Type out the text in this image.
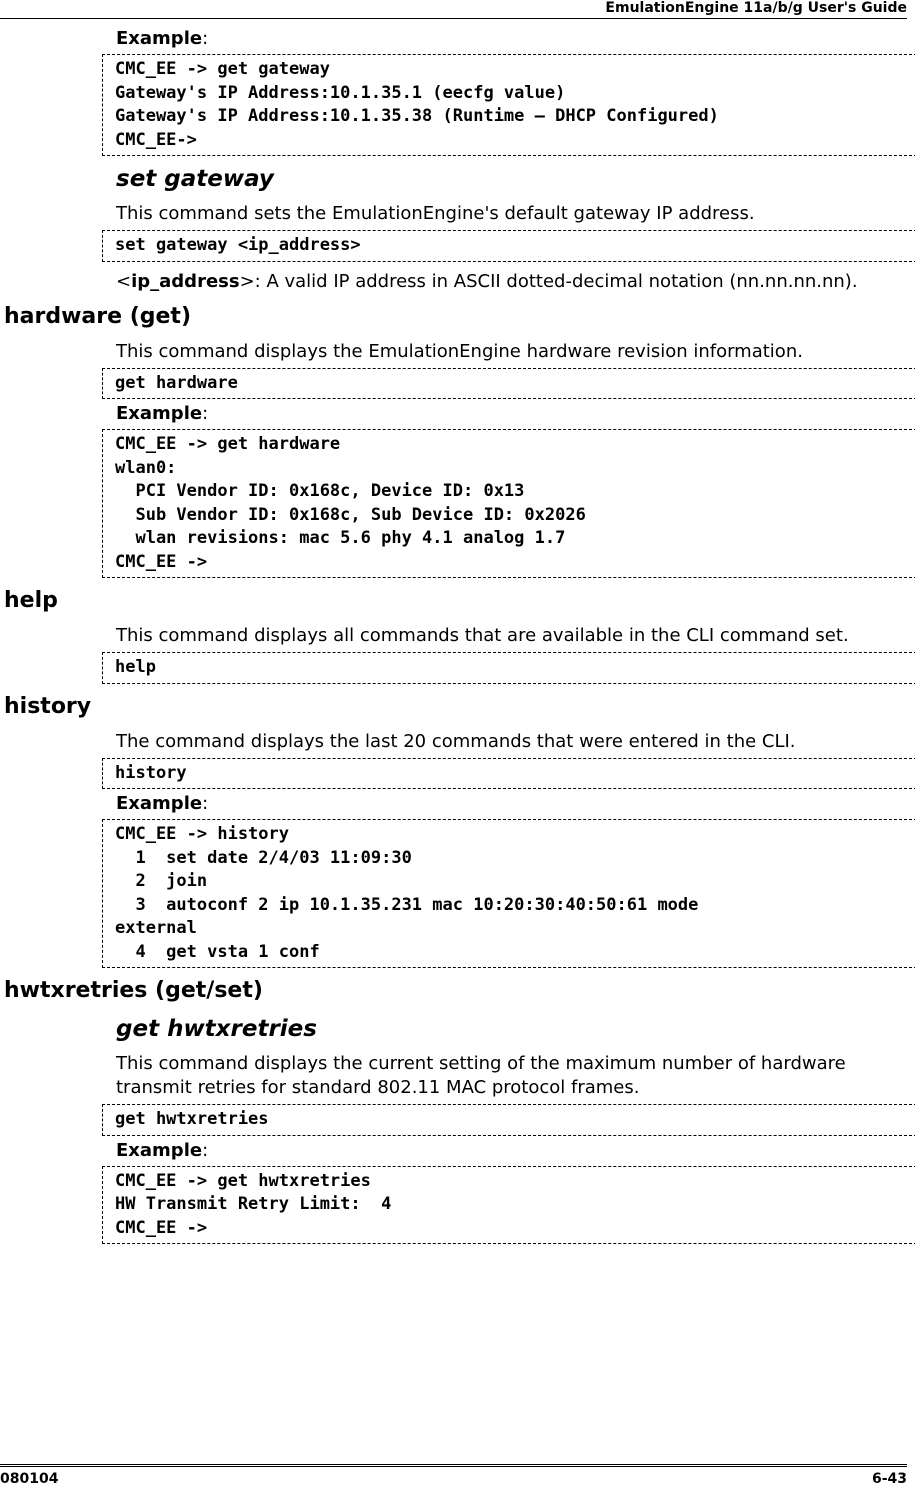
EmulationEngine 11a/b/g User's Guide
Example:
CMC_EE -> get gateway
Gateway's IP Address:10.1.35.1 (eecfg value)
Gateway's IP Address:10.1.35.38 (Runtime – DHCP Configured)
CMC_EE->
set gateway
This command sets the EmulationEngine's default gateway IP address.
set gateway <ip_address>
<ip_address>: A valid IP address in ASCII dotted-decimal notation (nn.nn.nn.nn).
hardware (get)
This command displays the EmulationEngine hardware revision information.
get hardware
Example:
CMC_EE -> get hardware
wlan0:
PCI Vendor ID: 0x168c, Device ID: 0x13
Sub Vendor ID: 0x168c, Sub Device ID: 0x2026
wlan revisions: mac 5.6 phy 4.1 analog 1.7
CMC_EE ->
help
This command displays all commands that are available in the CLI command set.
help
history
The command displays the last 20 commands that were entered in the CLI.
history
Example:
CMC_EE -> history
1  set date 2/4/03 11:09:30
2  join
3  autoconf 2 ip 10.1.35.231 mac 10:20:30:40:50:61 mode
external
4  get vsta 1 conf
hwtxretries (get/set)
get hwtxretries
This command displays the current setting of the maximum number of hardware transmit retries for standard 802.11 MAC protocol frames.
get hwtxretries
Example:
CMC_EE -> get hwtxretries
HW Transmit Retry Limit:  4
CMC_EE ->
080104	6-43
